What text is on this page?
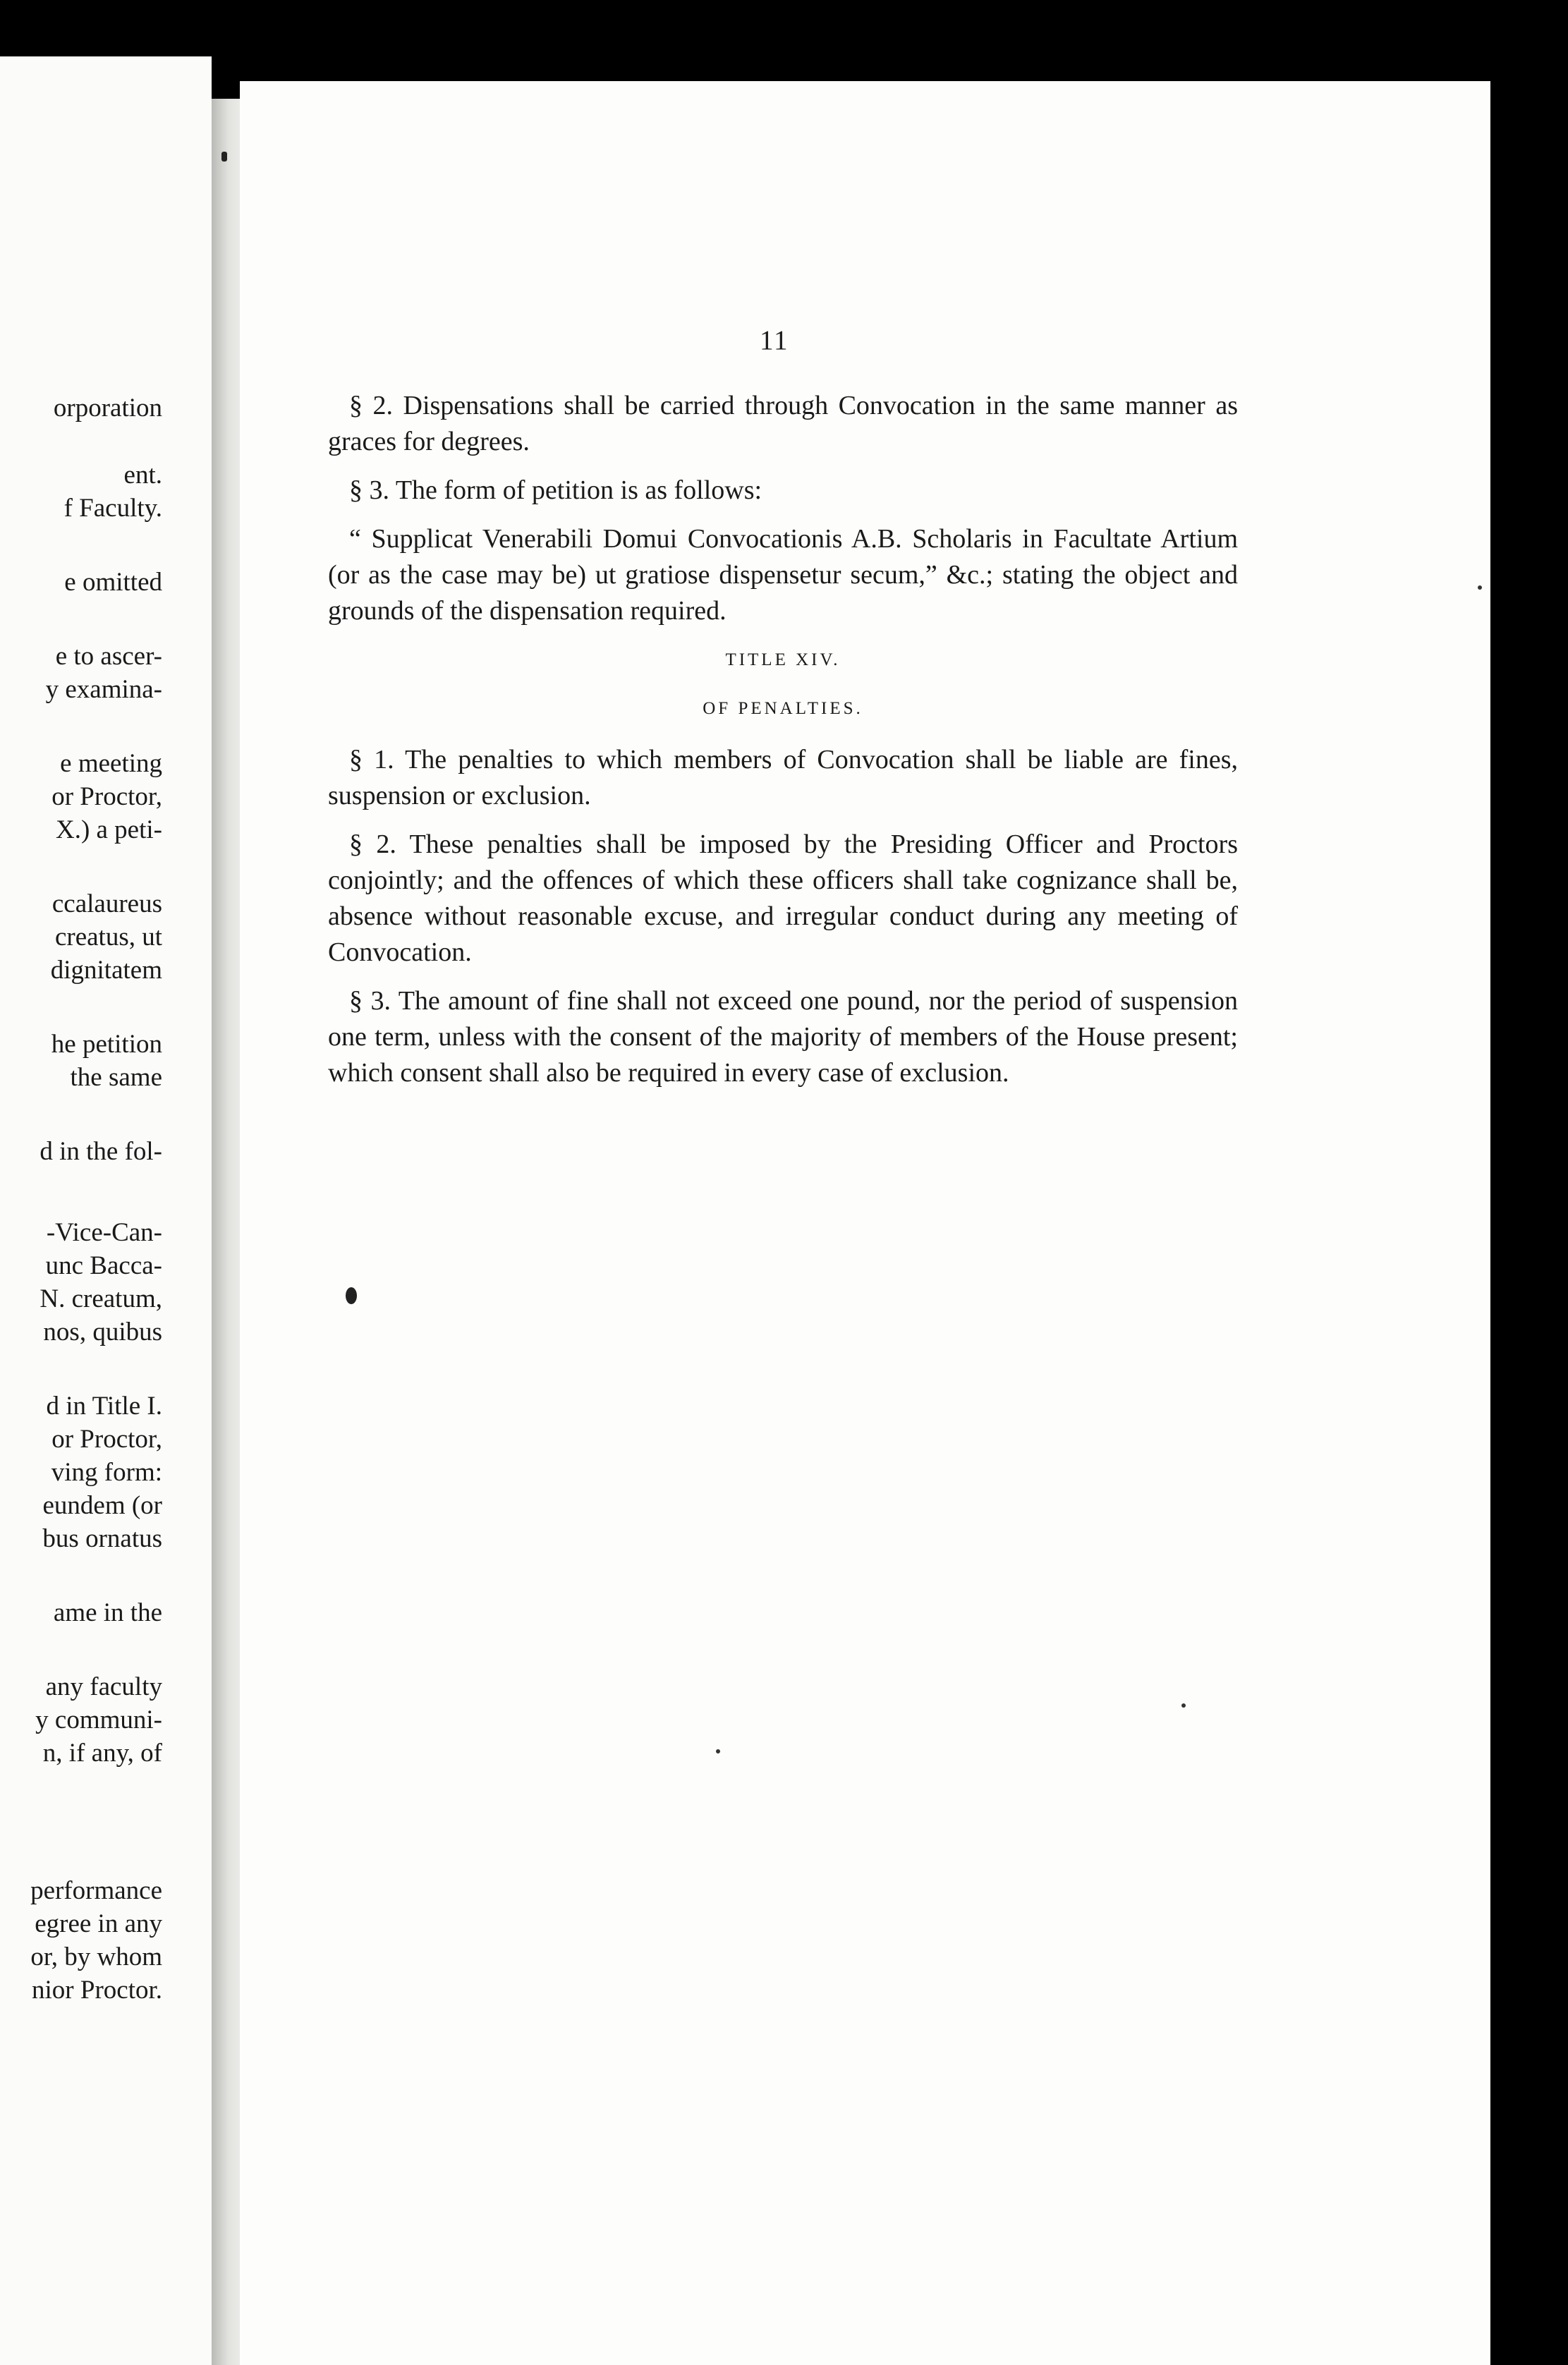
orporation
ent.
f Faculty.
e omitted
e to ascer-
y examina-
e meeting
or Proctor,
X.) a peti-
ccalaureus
creatus, ut
dignitatem
he petition
the same
d in the fol-
-Vice-Can-
unc Bacca-
N. creatum,
nos, quibus
d in Title I.
or Proctor,
ving form:
eundem (or
bus ornatus
ame in the
any faculty
y communi-
n, if any, of
performance
egree in any
or, by whom
nior Proctor.
11

§ 2. Dispensations shall be carried through Convocation in the same manner as graces for degrees.

§ 3. The form of petition is as follows:

“ Supplicat Venerabili Domui Convocationis A.B. Scholaris in Facultate Artium (or as the case may be) ut gratiose dispensetur secum,” &c.; stating the object and grounds of the dispensation required.

TITLE XIV.
OF PENALTIES.

§ 1. The penalties to which members of Convocation shall be liable are fines, suspension or exclusion.

§ 2. These penalties shall be imposed by the Presiding Officer and Proctors conjointly; and the offences of which these officers shall take cognizance shall be, absence without reasonable excuse, and irregular conduct during any meeting of Convocation.

§ 3. The amount of fine shall not exceed one pound, nor the period of suspension one term, unless with the consent of the majority of members of the House present; which consent shall also be required in every case of exclusion.
